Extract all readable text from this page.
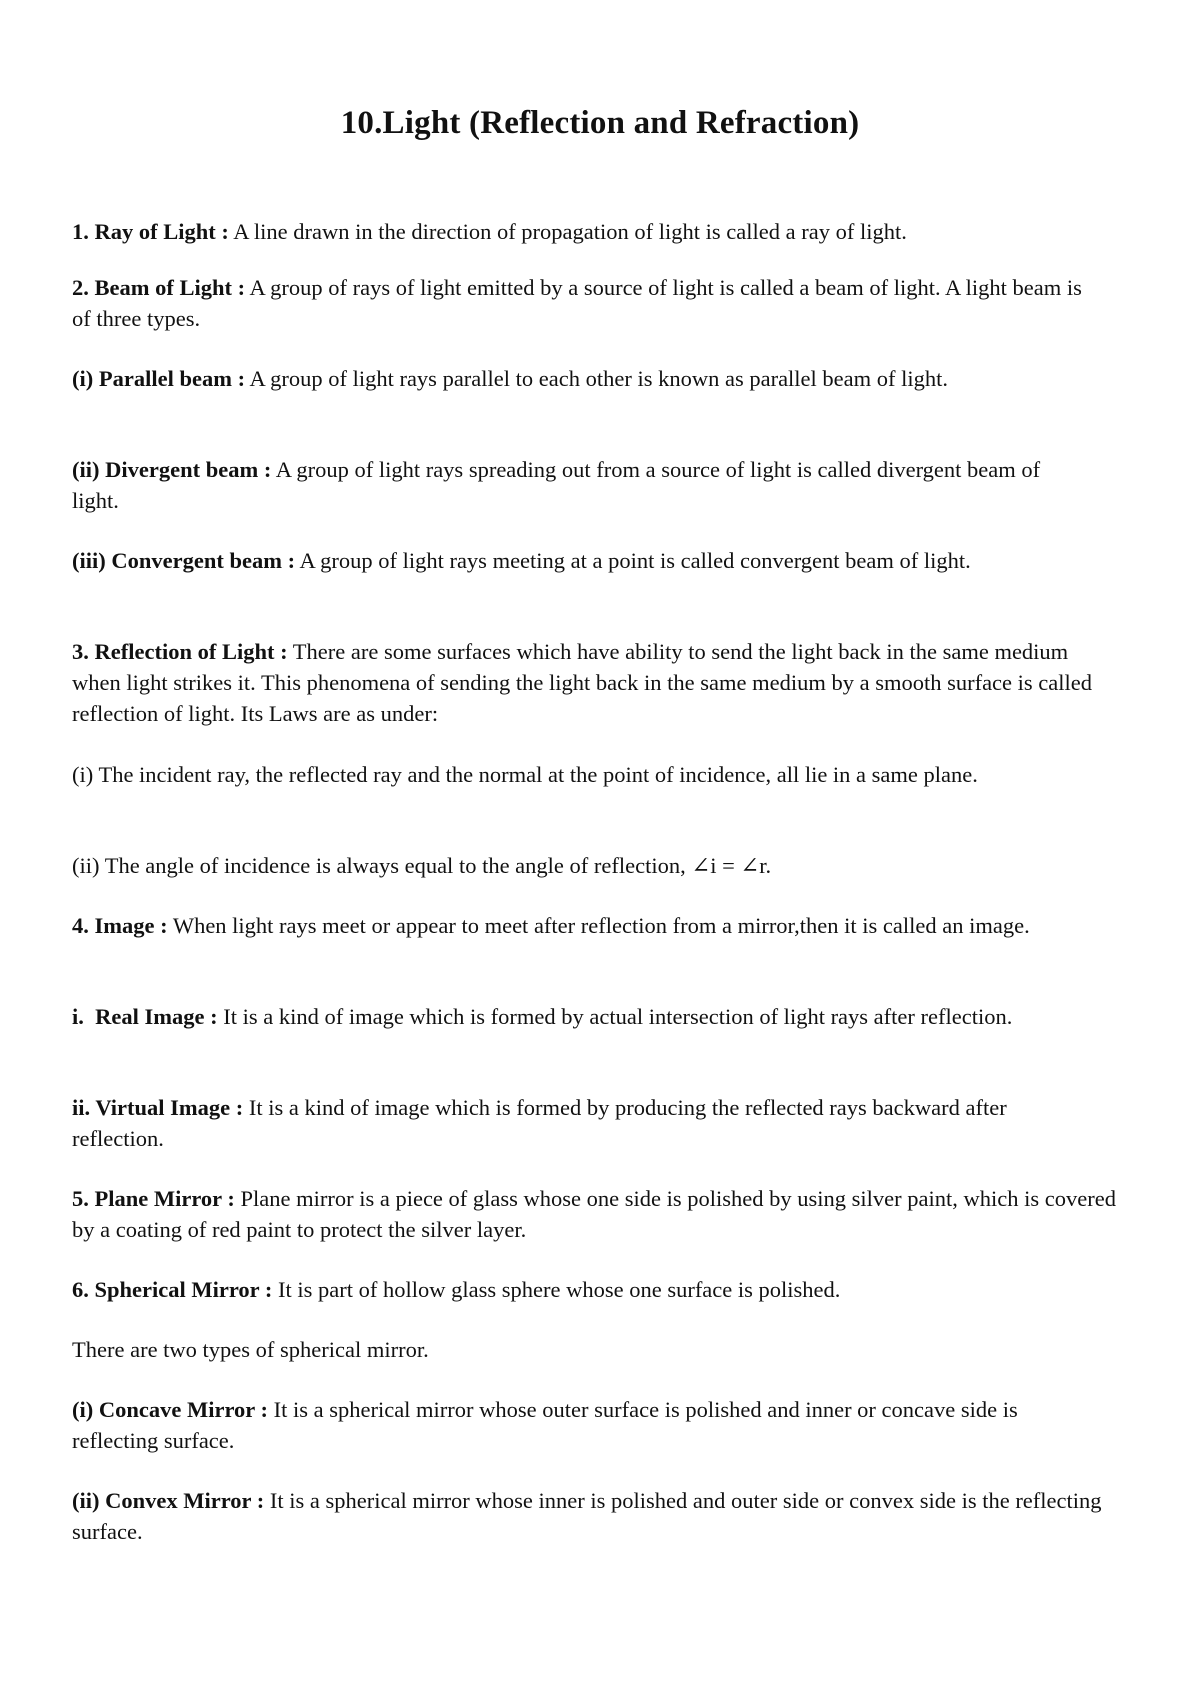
10.Light (Reflection and Refraction)

1. Ray of Light : A line drawn in the direction of propagation of light is called a ray of light.

2. Beam of Light : A group of rays of light emitted by a source of light is called a beam of light. A light beam is of three types.

(i) Parallel beam : A group of light rays parallel to each other is known as parallel beam of light.

(ii) Divergent beam : A group of light rays spreading out from a source of light is called divergent beam of light.

(iii) Convergent beam : A group of light rays meeting at a point is called convergent beam of light.

3. Reflection of Light : There are some surfaces which have ability to send the light back in the same medium when light strikes it. This phenomena of sending the light back in the same medium by a smooth surface is called reflection of light. Its Laws are as under:

(i) The incident ray, the reflected ray and the normal at the point of incidence, all lie in a same plane.

(ii) The angle of incidence is always equal to the angle of reflection, ∠i = ∠r.

4. Image : When light rays meet or appear to meet after reflection from a mirror,then it is called an image.

i.  Real Image : It is a kind of image which is formed by actual intersection of light rays after reflection.

ii. Virtual Image : It is a kind of image which is formed by producing the reflected rays backward after reflection.

5. Plane Mirror : Plane mirror is a piece of glass whose one side is polished by using silver paint, which is covered by a coating of red paint to protect the silver layer.

6. Spherical Mirror : It is part of hollow glass sphere whose one surface is polished.

There are two types of spherical mirror.

(i) Concave Mirror : It is a spherical mirror whose outer surface is polished and inner or concave side is reflecting surface.

(ii) Convex Mirror : It is a spherical mirror whose inner is polished and outer side or convex side is the reflecting surface.
